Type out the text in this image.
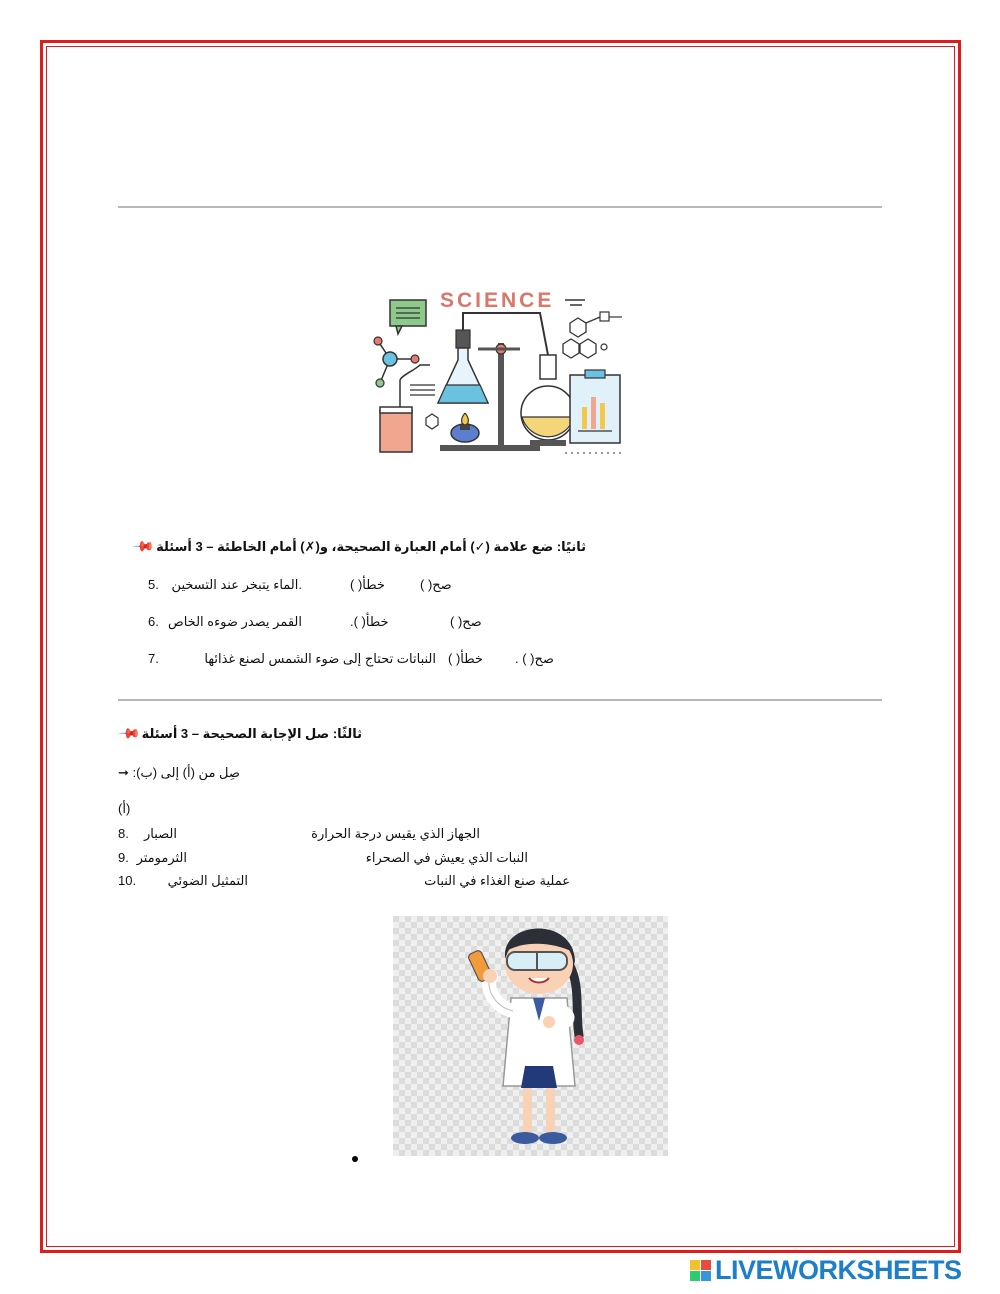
SCIENCE
ثانيًا: ضع علامة (✓) أمام العبارة الصحيحة، و(✗) أمام الخاطئة – 3 أسئلة 📌
5. .الماء يتبخر عند التسخين	خطأ( )	صح( )
6. القمر يصدر ضوءه الخاص	خطأ( ).	صح( )
7.	النباتات تحتاج إلى ضوء الشمس لصنع غذائها خطأ( ) صح( ) .
ثالثًا: صل الإجابة الصحيحة – 3 أسئلة 📌
➞ صِل من (أ) إلى (ب):
(أ)
8.	الصبار	الجهاز الذي يقيس درجة الحرارة
9. الثرمومتر	النبات الذي يعيش في الصحراء
10.	التمثيل الضوئي	عملية صنع الغذاء في النبات
LIVEWORKSHEETS
